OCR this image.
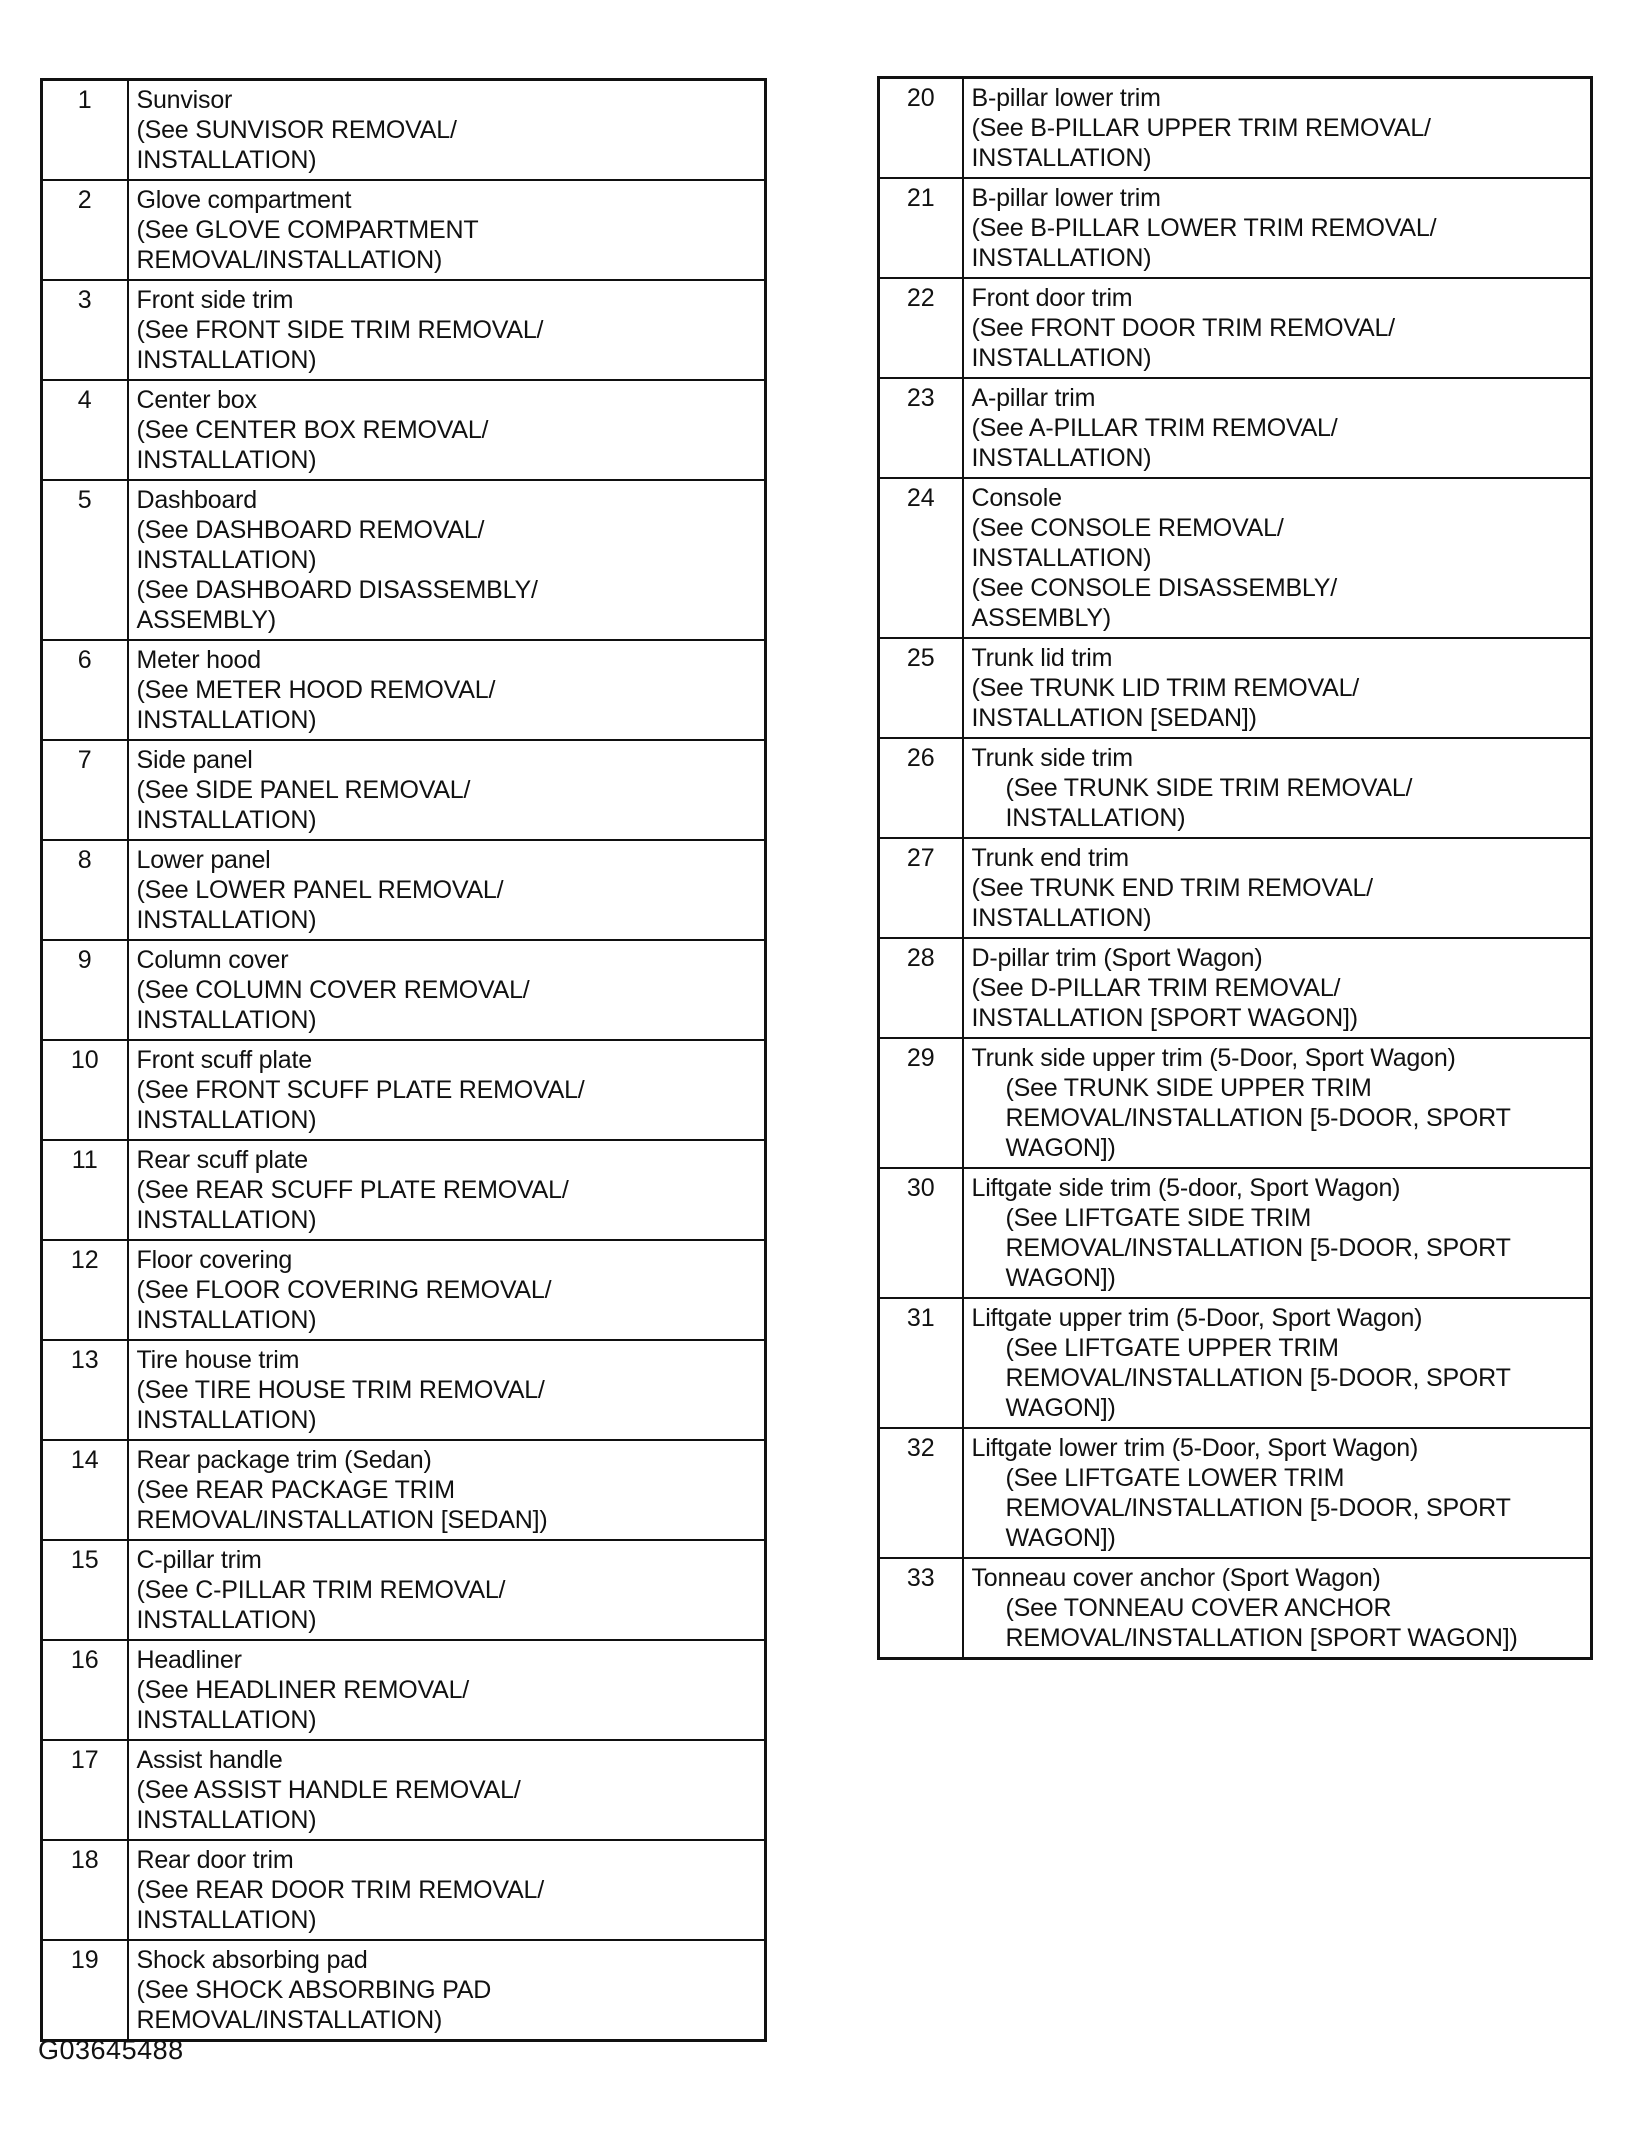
1	Sunvisor
(See SUNVISOR REMOVAL/
INSTALLATION)

2	Glove compartment
(See GLOVE COMPARTMENT
REMOVAL/INSTALLATION)

3	Front side trim
(See FRONT SIDE TRIM REMOVAL/
INSTALLATION)

4	Center box
(See CENTER BOX REMOVAL/
INSTALLATION)

5	Dashboard
(See DASHBOARD REMOVAL/
INSTALLATION)
(See DASHBOARD DISASSEMBLY/
ASSEMBLY)

6	Meter hood
(See METER HOOD REMOVAL/
INSTALLATION)

7	Side panel
(See SIDE PANEL REMOVAL/
INSTALLATION)

8	Lower panel
(See LOWER PANEL REMOVAL/
INSTALLATION)

9	Column cover
(See COLUMN COVER REMOVAL/
INSTALLATION)

10	Front scuff plate
(See FRONT SCUFF PLATE REMOVAL/
INSTALLATION)

11	Rear scuff plate
(See REAR SCUFF PLATE REMOVAL/
INSTALLATION)

12	Floor covering
(See FLOOR COVERING REMOVAL/
INSTALLATION)

13	Tire house trim
(See TIRE HOUSE TRIM REMOVAL/
INSTALLATION)

14	Rear package trim (Sedan)
(See REAR PACKAGE TRIM
REMOVAL/INSTALLATION [SEDAN])

15	C-pillar trim
(See C-PILLAR TRIM REMOVAL/
INSTALLATION)

16	Headliner
(See HEADLINER REMOVAL/
INSTALLATION)

17	Assist handle
(See ASSIST HANDLE REMOVAL/
INSTALLATION)

18	Rear door trim
(See REAR DOOR TRIM REMOVAL/
INSTALLATION)

19	Shock absorbing pad
(See SHOCK ABSORBING PAD
REMOVAL/INSTALLATION)
20	B-pillar lower trim
(See B-PILLAR UPPER TRIM REMOVAL/
INSTALLATION)

21	B-pillar lower trim
(See B-PILLAR LOWER TRIM REMOVAL/
INSTALLATION)

22	Front door trim
(See FRONT DOOR TRIM REMOVAL/
INSTALLATION)

23	A-pillar trim
(See A-PILLAR TRIM REMOVAL/
INSTALLATION)

24	Console
(See CONSOLE REMOVAL/
INSTALLATION)
(See CONSOLE DISASSEMBLY/
ASSEMBLY)

25	Trunk lid trim
(See TRUNK LID TRIM REMOVAL/
INSTALLATION [SEDAN])

26	Trunk side trim
(See TRUNK SIDE TRIM REMOVAL/
INSTALLATION)

27	Trunk end trim
(See TRUNK END TRIM REMOVAL/
INSTALLATION)

28	D-pillar trim (Sport Wagon)
(See D-PILLAR TRIM REMOVAL/
INSTALLATION [SPORT WAGON])

29	Trunk side upper trim (5-Door, Sport Wagon)
(See TRUNK SIDE UPPER TRIM
REMOVAL/INSTALLATION [5-DOOR, SPORT
WAGON])

30	Liftgate side trim (5-door, Sport Wagon)
(See LIFTGATE SIDE TRIM
REMOVAL/INSTALLATION [5-DOOR, SPORT
WAGON])

31	Liftgate upper trim (5-Door, Sport Wagon)
(See LIFTGATE UPPER TRIM
REMOVAL/INSTALLATION [5-DOOR, SPORT
WAGON])

32	Liftgate lower trim (5-Door, Sport Wagon)
(See LIFTGATE LOWER TRIM
REMOVAL/INSTALLATION [5-DOOR, SPORT
WAGON])

33	Tonneau cover anchor (Sport Wagon)
(See TONNEAU COVER ANCHOR
REMOVAL/INSTALLATION [SPORT WAGON])
G03645488
